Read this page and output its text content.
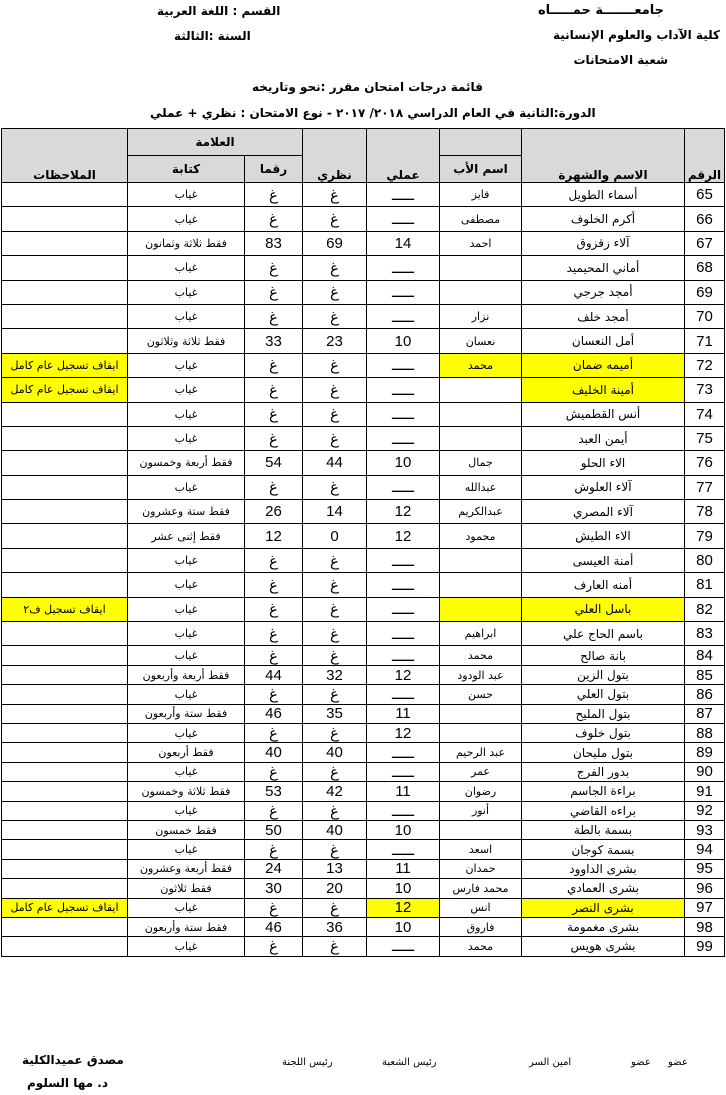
جامعـــــــة حمـــــاه
كلية الآداب والعلوم الإنسانية
شعبة الامتحانات
القسم : اللغة العربية
السنة :الثالثة
قائمة درجات امتحان مقرر :نحو وتاريخه
الدورة:الثانية في العام الدراسي ٢٠١٨/ ٢٠١٧ - نوع الامتحان : نظري + عملي
الرقم	الاسم والشهرة		عملي	نظري	العلامة		الملاحظات
		اسم الأب			رقما	كتابة	
65	أسماء الطويل	فايز	ـــــ	غ	غ	غياب	
66	أكرم الخلوف	مصطفى	ـــــ	غ	غ	غياب	
67	آلاء زقزوق	احمد	14	69	83	فقط ثلاثة وثمانون	
68	أماني المحيميد		ـــــ	غ	غ	غياب	
69	أمجد جرجي		ـــــ	غ	غ	غياب	
70	أمجد خلف	نزار	ـــــ	غ	غ	غياب	
71	أمل النعسان	نعسان	10	23	33	فقط ثلاثة وثلاثون	
72	أميمه ضمان	محمد	ـــــ	غ	غ	غياب	ايقاف تسجيل عام كامل
73	أمينة الخليف		ـــــ	غ	غ	غياب	ايقاف تسجيل عام كامل
74	أنس القطميش		ـــــ	غ	غ	غياب	
75	أيمن العبد		ـــــ	غ	غ	غياب	
76	الاء الحلو	جمال	10	44	54	فقط أربعة وخمسون	
77	آلاء العلوش	عبدالله	ـــــ	غ	غ	غياب	
78	آلاء المصري	عبدالكريم	12	14	26	فقط ستة وعشرون	
79	الاء الطيش	محمود	12	0	12	فقط إثنى عشر	
80	أمنة العيسى		ـــــ	غ	غ	غياب	
81	أمنه العارف		ـــــ	غ	غ	غياب	
82	باسل العلي		ـــــ	غ	غ	غياب	ايقاف تسجيل ف٢
83	باسم الحاج علي	ابراهيم	ـــــ	غ	غ	غياب	
84	بانة صالح	محمد	ـــــ	غ	غ	غياب	
85	بتول الزين	عبد الودود	12	32	44	فقط أربعة وأربعون	
86	بتول العلي	حسن	ـــــ	غ	غ	غياب	
87	بتول المليح		11	35	46	فقط ستة وأربعون	
88	بتول خلوف		12	غ	غ	غياب	
89	بتول مليحان	عبد الرحيم	ـــــ	40	40	فقط أربعون	
90	بدور الفرج	عمر	ـــــ	غ	غ	غياب	
91	براءة الجاسم	رضوان	11	42	53	فقط ثلاثة وخمسون	
92	براءه القاضي	أنور	ـــــ	غ	غ	غياب	
93	بسمة بالطة		10	40	50	فقط خمسون	
94	بسمة كوجان	اسعد	ـــــ	غ	غ	غياب	
95	بشرى الداوود	حمدان	11	13	24	فقط أربعة وعشرون	
96	بشرى العمادي	محمد فارس	10	20	30	فقط ثلاثون	
97	بشرى النصر	انس	12	غ	غ	غياب	ايقاف تسجيل عام كامل
98	بشرى مغمومة	فاروق	10	36	46	فقط ستة وأربعون	
99	بشرى هويس	محمد	ـــــ	غ	غ	غياب	
عضو
عضو
امين السر
رئيس الشعبة
رئيس اللجنة
مصدق عميدالكلية
د. مها السلوم
